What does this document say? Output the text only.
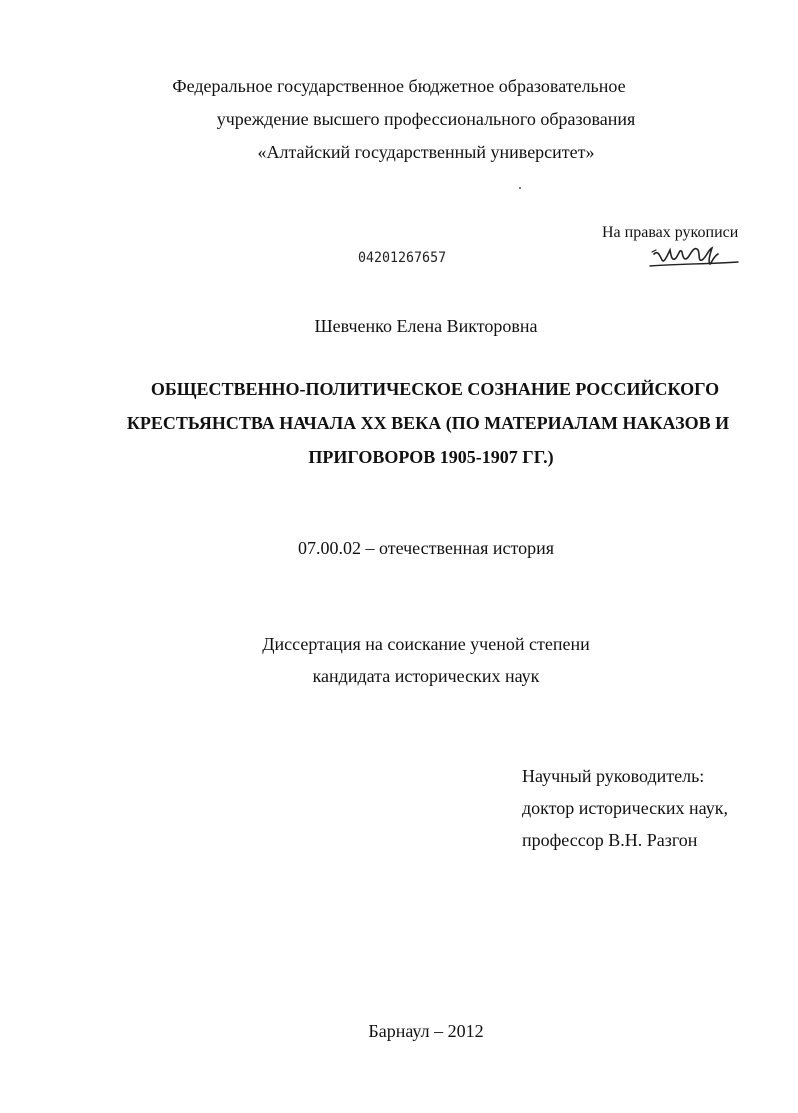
Федеральное государственное бюджетное образовательное
учреждение высшего профессионального образования
«Алтайский государственный университет»
На правах рукописи
04201267657
Шевченко Елена Викторовна
ОБЩЕСТВЕННО-ПОЛИТИЧЕСКОЕ СОЗНАНИЕ РОССИЙСКОГО
КРЕСТЬЯНСТВА НАЧАЛА XX ВЕКА (ПО МАТЕРИАЛАМ НАКАЗОВ И
ПРИГОВОРОВ 1905-1907 ГГ.)
07.00.02 – отечественная история
Диссертация на соискание ученой степени
кандидата исторических наук
Научный руководитель:
доктор исторических наук,
профессор В.Н. Разгон
Барнаул – 2012
